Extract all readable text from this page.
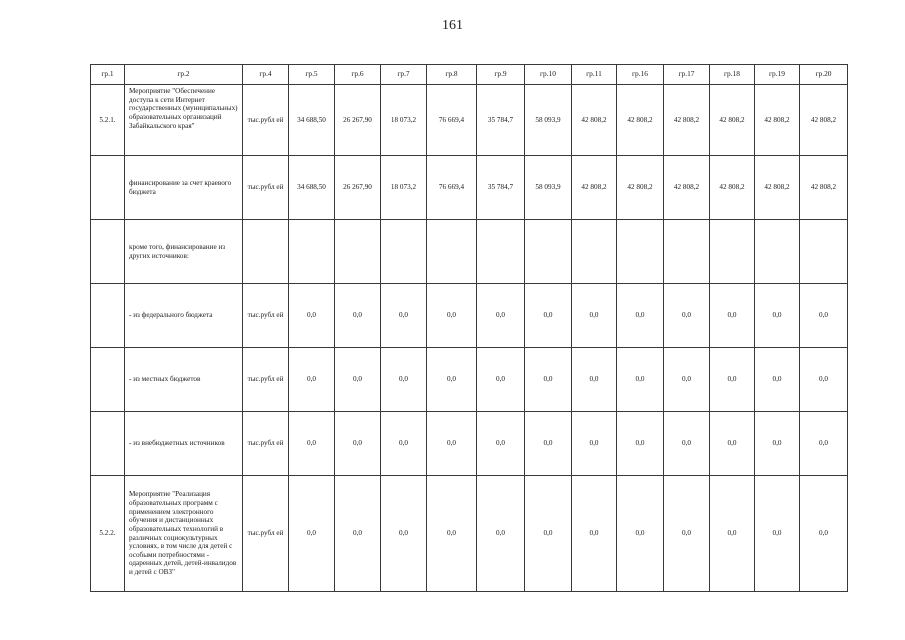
161
гр.1	гр.2	гр.4	гр.5	гр.6	гр.7	гр.8	гр.9	гр.10	гр.11	гр.16	гр.17	гр.18	гр.19	гр.20
5.2.1.	Мероприятие "Обеспечение доступа к сети Интернет государственных (муниципальных) образовательных организаций Забайкальского края"	тыс.рубл ей	34 688,50	26 267,90	18 073,2	76 669,4	35 784,7	58 093,9	42 808,2	42 808,2	42 808,2	42 808,2	42 808,2	42 808,2
	финансирование за счет краевого бюджета	тыс.рубл ей	34 688,50	26 267,90	18 073,2	76 669,4	35 784,7	58 093,9	42 808,2	42 808,2	42 808,2	42 808,2	42 808,2	42 808,2
	кроме того, финансирование из других источников:													
	- из федерального бюджета	тыс.рубл ей	0,0	0,0	0,0	0,0	0,0	0,0	0,0	0,0	0,0	0,0	0,0	0,0
	- из местных бюджетов	тыс.рубл ей	0,0	0,0	0,0	0,0	0,0	0,0	0,0	0,0	0,0	0,0	0,0	0,0
	- из внебюджетных источников	тыс.рубл ей	0,0	0,0	0,0	0,0	0,0	0,0	0,0	0,0	0,0	0,0	0,0	0,0
5.2.2.	Мероприятие "Реализация образовательных программ с применением электронного обучения и дистанционных образовательных технологий в различных социокультурных условиях, в том числе для детей с особыми потребностями - одаренных детей, детей-инвалидов и детей с ОВЗ"	тыс.рубл ей	0,0	0,0	0,0	0,0	0,0	0,0	0,0	0,0	0,0	0,0	0,0	0,0
